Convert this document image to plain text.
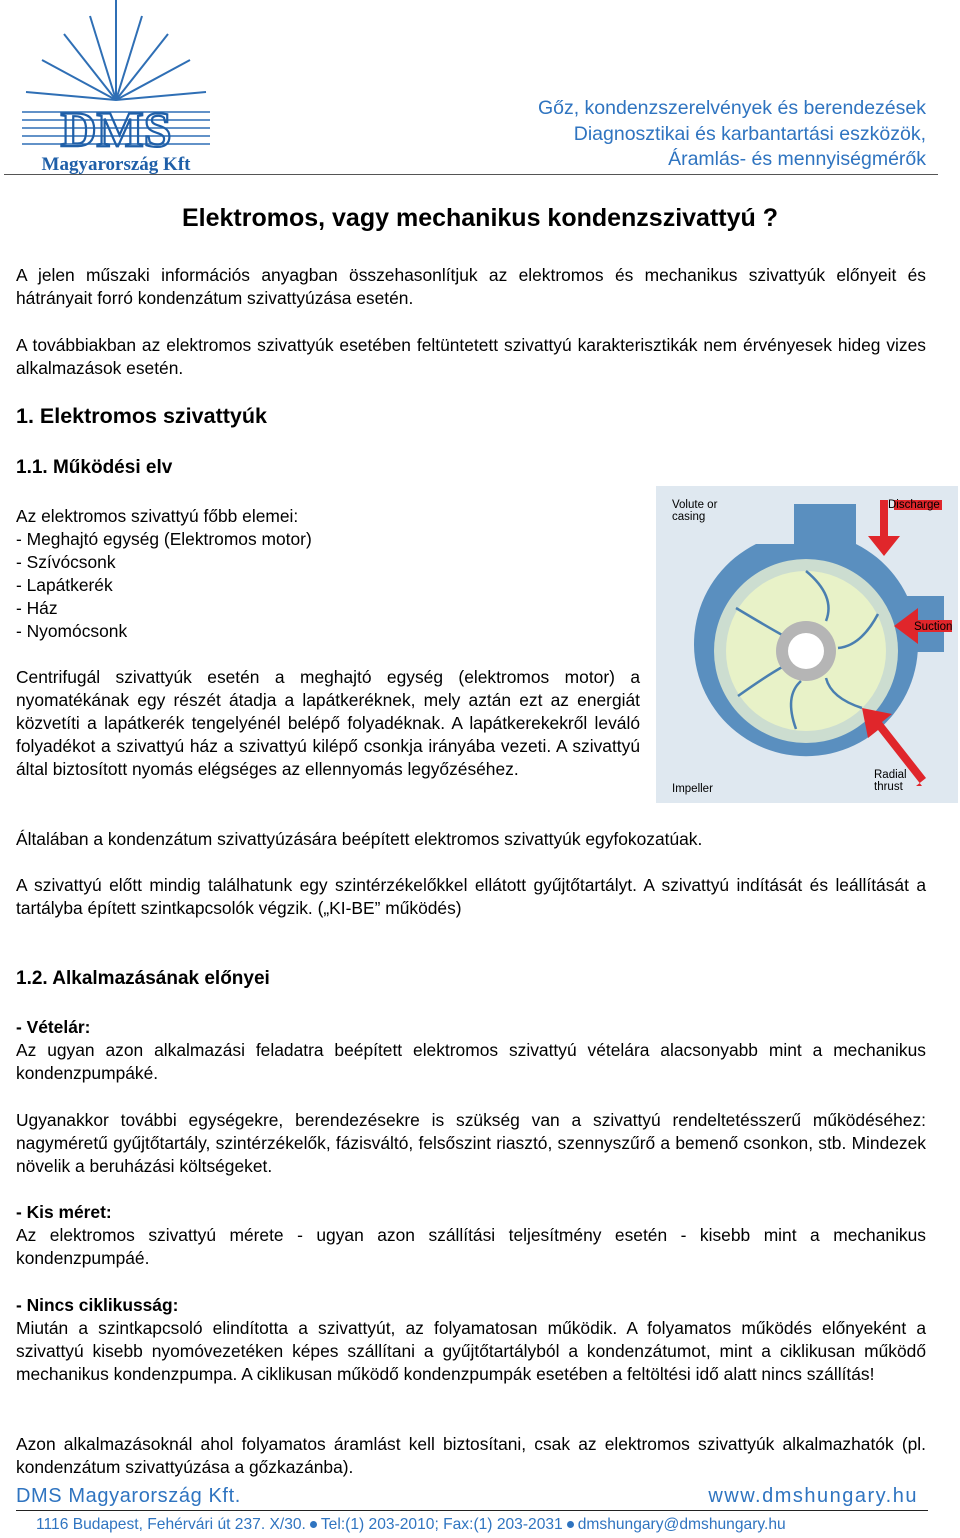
DMS
Magyarország Kft
Gőz, kondenzszerelvények és berendezések
Diagnosztikai és karbantartási eszközök,
Áramlás- és mennyiségmérők
Elektromos, vagy mechanikus kondenzszivattyú ?
A jelen műszaki információs anyagban összehasonlítjuk az elektromos és mechanikus szivattyúk előnyeit és hátrányait forró kondenzátum szivattyúzása esetén.
A továbbiakban az elektromos szivattyúk esetében feltüntetett szivattyú karakterisztikák nem érvényesek hideg vizes alkalmazások esetén.
1. Elektromos szivattyúk
1.1. Működési elv
Az elektromos szivattyú főbb elemei:
- Meghajtó egység (Elektromos motor)
- Szívócsonk
- Lapátkerék
- Ház
- Nyomócsonk
Centrifugál szivattyúk esetén a meghajtó egység (elektromos motor) a nyomatékának egy részét átadja a lapátkeréknek, mely aztán ezt az energiát közvetíti a lapátkerék tengelyénél belépő folyadéknak. A lapátkerekekről leváló folyadékot a szivattyú ház a szivattyú kilépő csonkja irányába vezeti. A szivattyú által biztosított nyomás elégséges az ellennyomás legyőzéséhez.
Volute or
casing
Discharge
Suction
Radial
thrust
Impeller
Általában a kondenzátum szivattyúzására beépített elektromos szivattyúk egyfokozatúak.
A szivattyú előtt mindig találhatunk egy szintérzékelőkkel ellátott gyűjtőtartályt. A szivattyú indítását és leállítását a tartályba épített szintkapcsolók végzik. („KI-BE” működés)
1.2. Alkalmazásának előnyei
- Vételár:
Az ugyan azon alkalmazási feladatra beépített elektromos szivattyú vételára alacsonyabb mint a mechanikus kondenzpumpáké.
Ugyanakkor további egységekre, berendezésekre is szükség van a szivattyú rendeltetésszerű működéséhez: nagyméretű gyűjtőtartály, szintérzékelők, fázisváltó, felsőszint riasztó, szennyszűrő a bemenő csonkon, stb. Mindezek növelik a beruházási költségeket.
- Kis méret:
Az elektromos szivattyú mérete - ugyan azon szállítási teljesítmény esetén - kisebb mint a mechanikus kondenzpumpáé.
- Nincs ciklikusság:
Miután a szintkapcsoló elindította a szivattyút, az folyamatosan működik. A folyamatos működés előnyeként a szivattyú kisebb nyomóvezetéken képes szállítani a gyűjtőtartályból a kondenzátumot, mint a ciklikusan működő mechanikus kondenzpumpa. A ciklikusan működő kondenzpumpák esetében a feltöltési idő alatt nincs szállítás!
Azon alkalmazásoknál ahol folyamatos áramlást kell biztosítani, csak az elektromos szivattyúk alkalmazhatók (pl. kondenzátum szivattyúzása a gőzkazánba).
DMS Magyarország Kft.	www.dmshungary.hu
1116 Budapest, Fehérvári út 237. X/30. Tel:(1) 203-2010; Fax:(1) 203-2031 dmshungary@dmshungary.hu
